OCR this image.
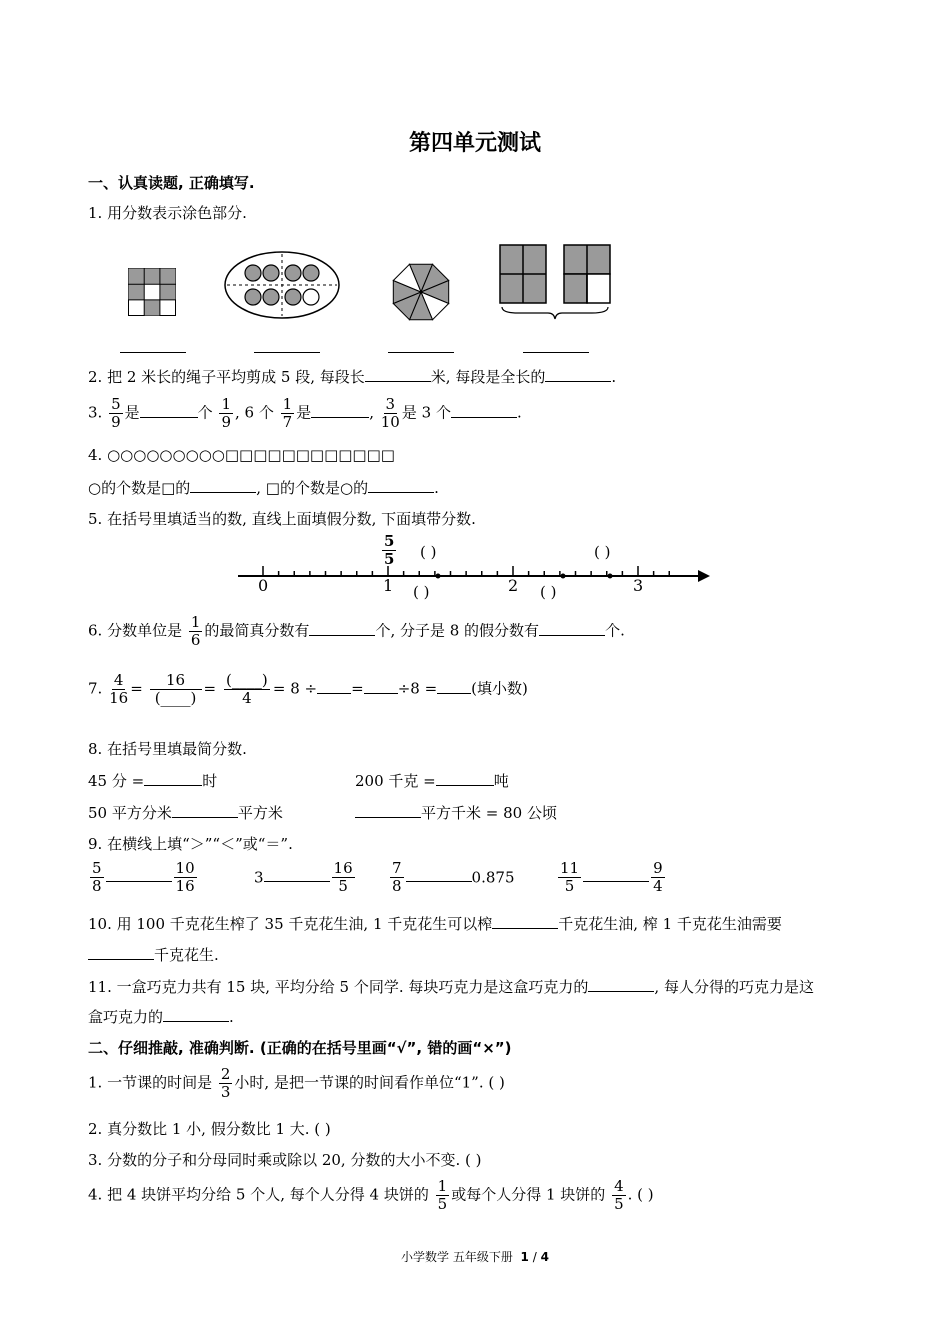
第四单元测试
一、认真读题, 正确填写.
1. 用分数表示涂色部分.
2. 把 2 米长的绳子平均剪成 5 段, 每段长	米, 每段是全长的	.
3. $\frac{5}{9}$ 是	个 $\frac{1}{9}$ , 6 个 $\frac{1}{7}$ 是	, $\frac{3}{10}$ 是 3 个	.
4. ○○○○○○○○○□□□□□□□□□□□□
○的个数是□的	, □的个数是○的	.
5. 在括号里填适当的数, 直线上面填假分数, 下面填带分数.
0	1	2	3
$\frac{5}{5}$ ( )	( )
( )	( )
6. 分数单位是 $\frac{1}{6}$ 的最简真分数有	个, 分子是 8 的假分数有	个.
7. $\frac{4}{16} = \frac{16}{(\_\_\_\_)} = \frac{(\_\_\_\_)}{4} = 8$ ÷ = ÷8 = (填小数)
8. 在括号里填最简分数.
45 分 =	时	200 千克 =	吨
50 平方分米	平方米	平方千米 = 80 公顷
9. 在横线上填“＞”“＜”或“＝”.
$\frac{5}{8}$	$\frac{10}{16}$	3	$\frac{16}{5} \frac{7}{8}$	0.875	$\frac{11}{5}$	$\frac{9}{4}$
10. 用 100 千克花生榨了 35 千克花生油, 1 千克花生可以榨	千克花生油, 榨 1 千克花生油需要
千克花生.
11. 一盒巧克力共有 15 块, 平均分给 5 个同学. 每块巧克力是这盒巧克力的	, 每人分得的巧克力是这
盒巧克力的	.
二、仔细推敲, 准确判断. (正确的在括号里画“√”, 错的画“×”)
1. 一节课的时间是 $\frac{2}{3}$ 小时, 是把一节课的时间看作单位“1”. ( )
2. 真分数比 1 小, 假分数比 1 大. ( )
3. 分数的分子和分母同时乘或除以 20, 分数的大小不变. ( )
4. 把 4 块饼平均分给 5 个人, 每个人分得 4 块饼的 $\frac{1}{5}$ 或每个人分得 1 块饼的 $\frac{4}{5}$ . ( )
小学数学 五年级下册 1 / 4
